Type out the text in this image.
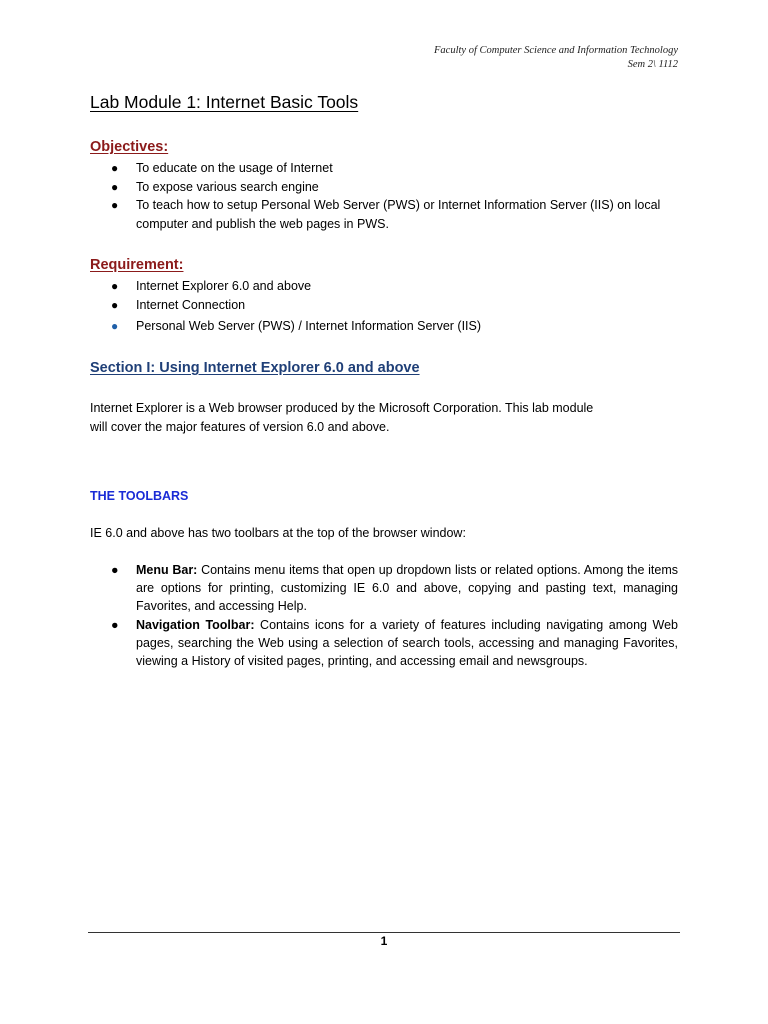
Faculty of Computer Science and Information Technology
Sem 2\ 1112
Lab Module 1: Internet Basic Tools
Objectives:
● To educate on the usage of Internet
● To expose various search engine
● To teach how to setup Personal Web Server (PWS) or Internet Information Server (IIS) on local computer and publish the web pages in PWS.
Requirement:
● Internet Explorer 6.0 and above
● Internet Connection
● Personal Web Server (PWS) / Internet Information Server (IIS)
Section I: Using Internet Explorer 6.0 and above

Internet Explorer is a Web browser produced by the Microsoft Corporation. This lab module will cover the major features of version 6.0 and above.

THE TOOLBARS

IE 6.0 and above has two toolbars at the top of the browser window:

● Menu Bar: Contains menu items that open up dropdown lists or related options. Among the items are options for printing, customizing IE 6.0 and above, copying and pasting text, managing Favorites, and accessing Help.
● Navigation Toolbar: Contains icons for a variety of features including navigating among Web pages, searching the Web using a selection of search tools, accessing and managing Favorites, viewing a History of visited pages, printing, and accessing email and newsgroups.
1
